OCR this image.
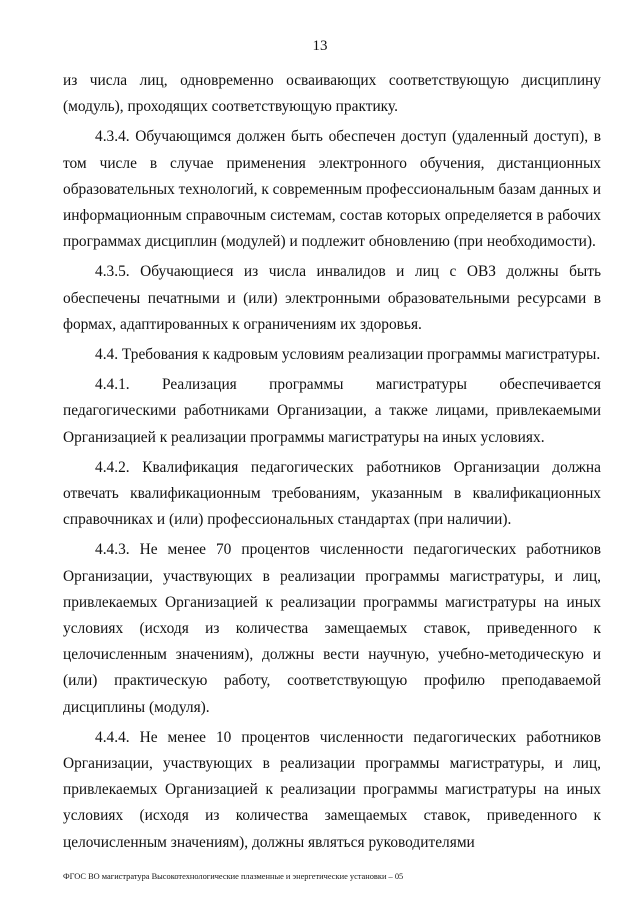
13

из числа лиц, одновременно осваивающих соответствующую дисциплину (модуль), проходящих соответствующую практику.

4.3.4. Обучающимся должен быть обеспечен доступ (удаленный доступ), в том числе в случае применения электронного обучения, дистанционных образовательных технологий, к современным профессиональным базам данных и информационным справочным системам, состав которых определяется в рабочих программах дисциплин (модулей) и подлежит обновлению (при необходимости).

4.3.5. Обучающиеся из числа инвалидов и лиц с ОВЗ должны быть обеспечены печатными и (или) электронными образовательными ресурсами в формах, адаптированных к ограничениям их здоровья.

4.4. Требования к кадровым условиям реализации программы магистратуры.

4.4.1. Реализация программы магистратуры обеспечивается педагогическими работниками Организации, а также лицами, привлекаемыми Организацией к реализации программы магистратуры на иных условиях.

4.4.2. Квалификация педагогических работников Организации должна отвечать квалификационным требованиям, указанным в квалификационных справочниках и (или) профессиональных стандартах (при наличии).

4.4.3. Не менее 70 процентов численности педагогических работников Организации, участвующих в реализации программы магистратуры, и лиц, привлекаемых Организацией к реализации программы магистратуры на иных условиях (исходя из количества замещаемых ставок, приведенного к целочисленным значениям), должны вести научную, учебно-методическую и (или) практическую работу, соответствующую профилю преподаваемой дисциплины (модуля).

4.4.4. Не менее 10 процентов численности педагогических работников Организации, участвующих в реализации программы магистратуры, и лиц, привлекаемых Организацией к реализации программы магистратуры на иных условиях (исходя из количества замещаемых ставок, приведенного к целочисленным значениям), должны являться руководителями

ФГОС ВО магистратура Высокотехнологические плазменные и энергетические установки – 05
